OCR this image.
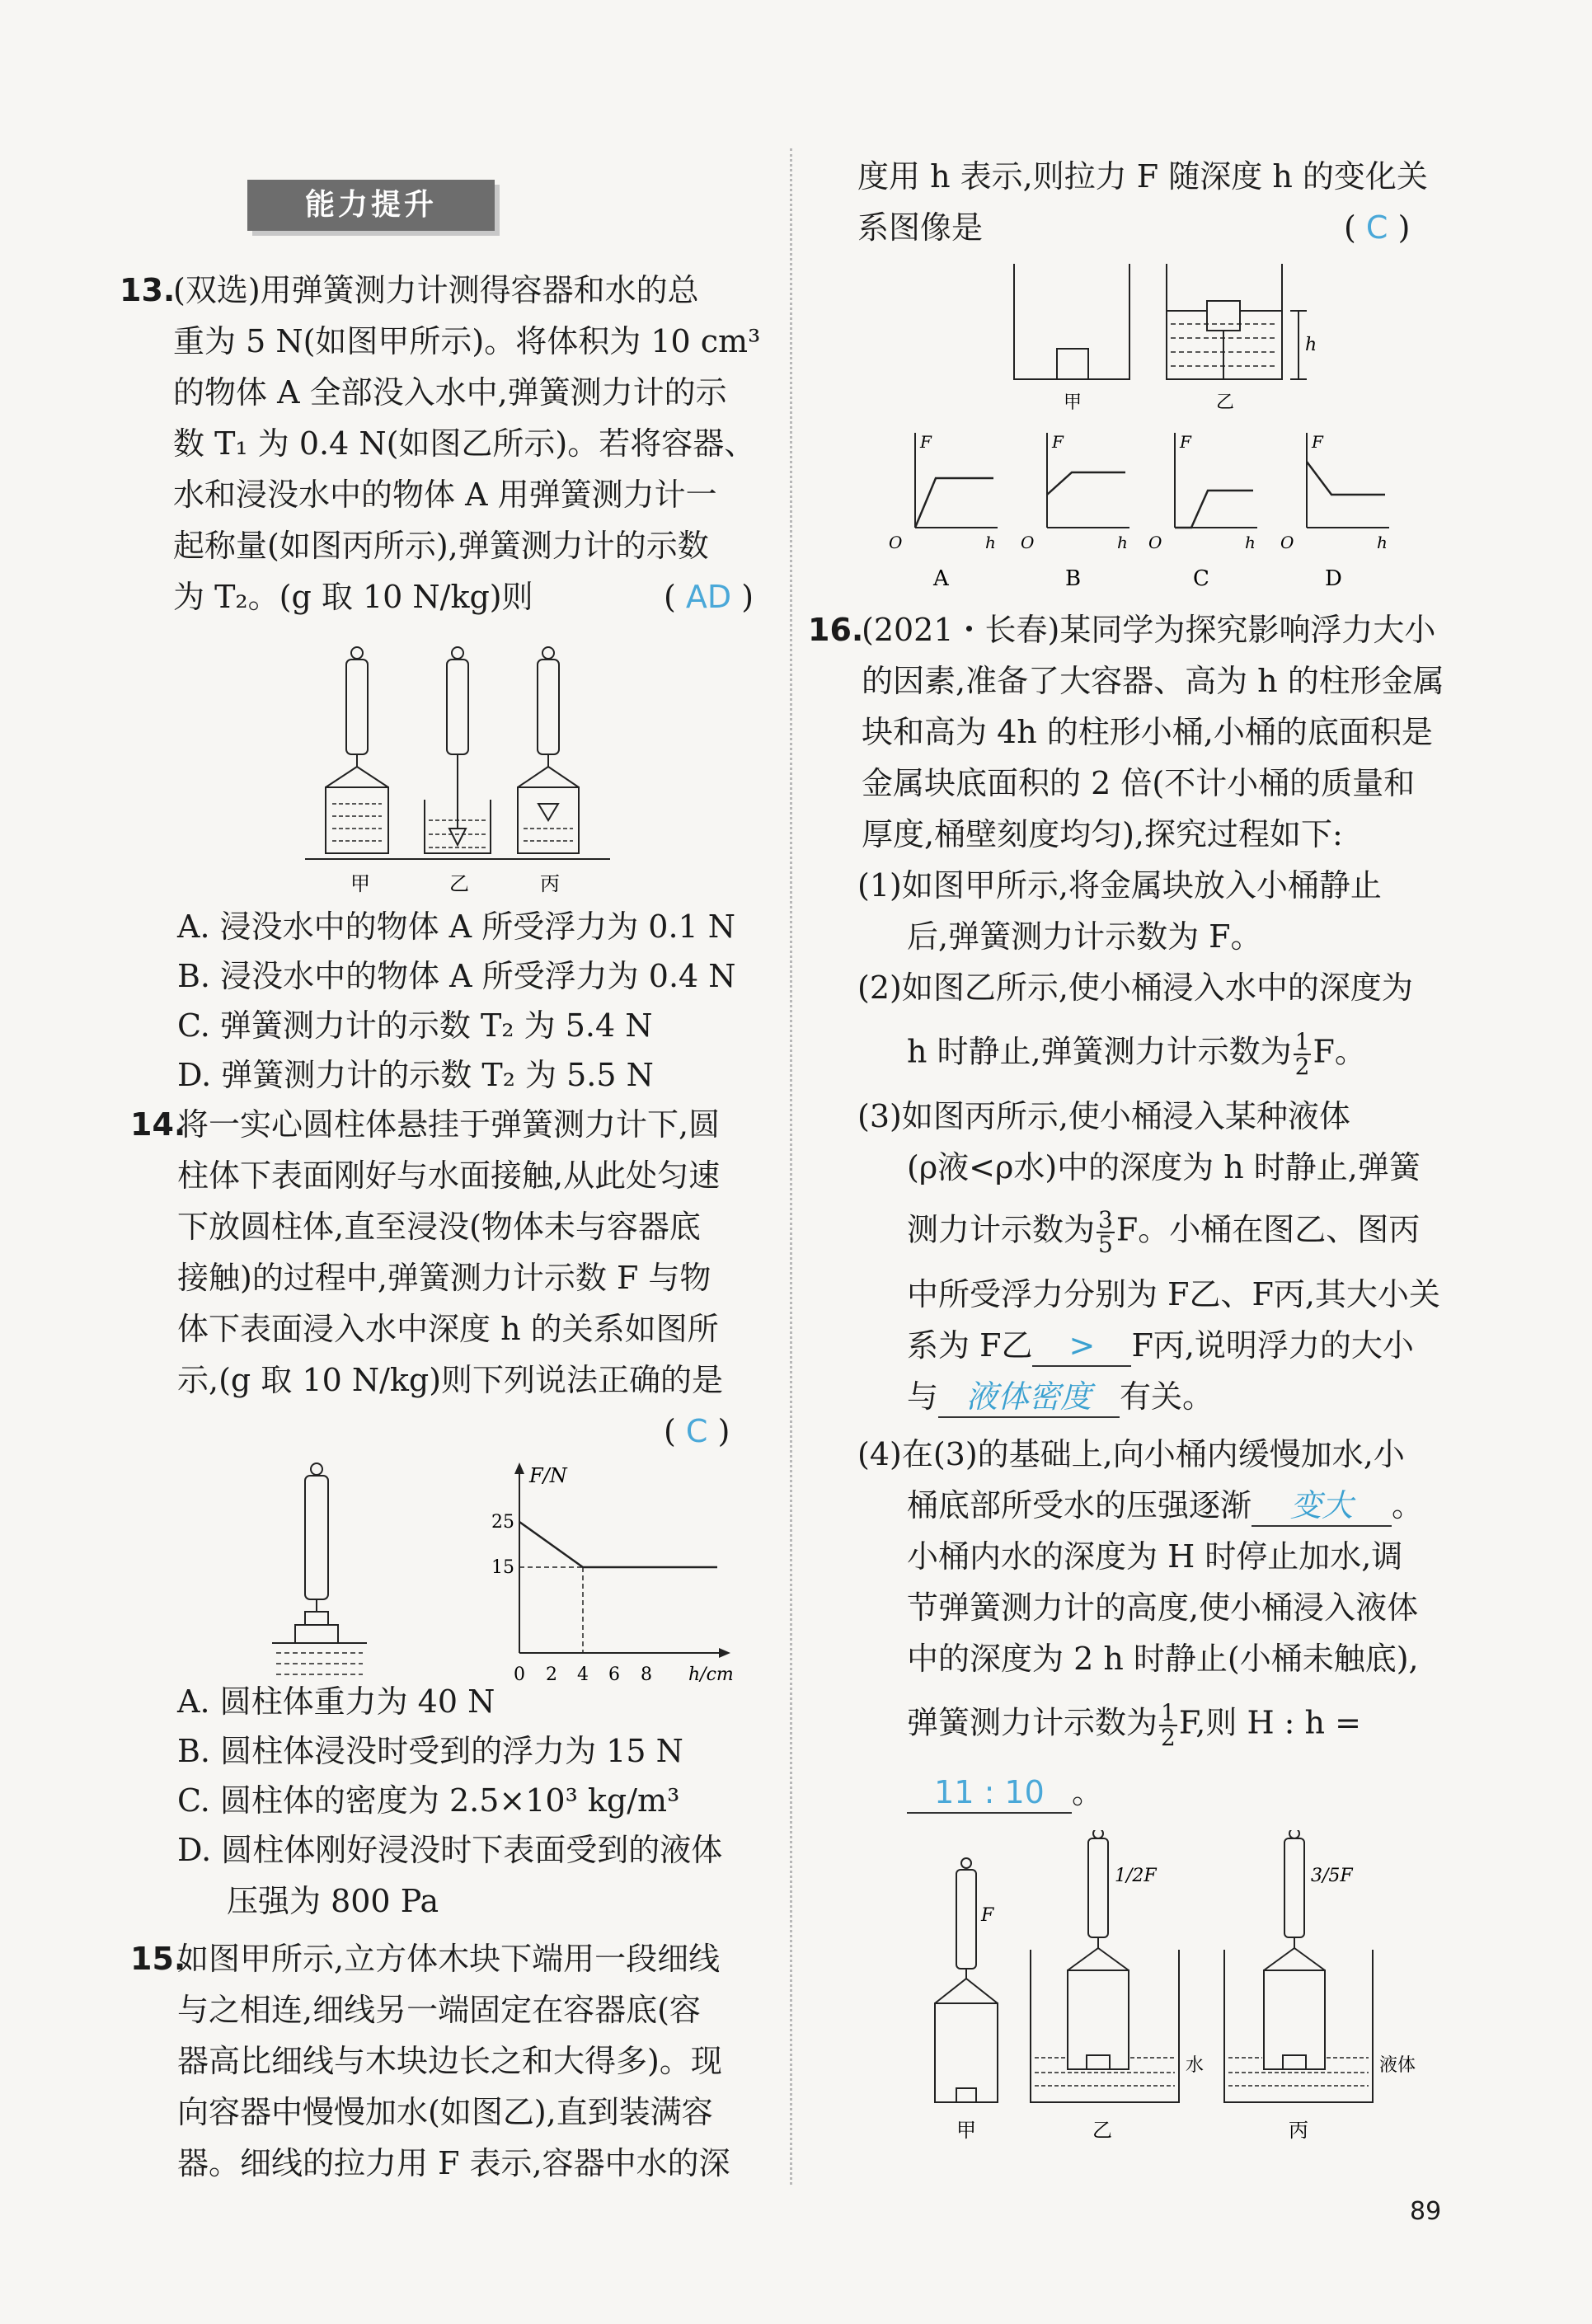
能力提升
13.
(双选)用弹簧测力计测得容器和水的总
重为 5 N(如图甲所示)。将体积为 10 cm³
的物体 A 全部没入水中,弹簧测力计的示
数 T₁ 为 0.4 N(如图乙所示)。若将容器、
水和浸没水中的物体 A 用弹簧测力计一
起称量(如图丙所示),弹簧测力计的示数
为 T₂。(g 取 10 N/kg)则	( AD )
甲	乙	丙
A. 浸没水中的物体 A 所受浮力为 0.1 N
B. 浸没水中的物体 A 所受浮力为 0.4 N
C. 弹簧测力计的示数 T₂ 为 5.4 N
D. 弹簧测力计的示数 T₂ 为 5.5 N
14.
将一实心圆柱体悬挂于弹簧测力计下,圆
柱体下表面刚好与水面接触,从此处匀速
下放圆柱体,直至浸没(物体未与容器底
接触)的过程中,弹簧测力计示数 F 与物
体下表面浸入水中深度 h 的关系如图所
示,(g 取 10 N/kg)则下列说法正确的是
( C )
F/N
h/cm
25
15
0 2 4 6 8
A. 圆柱体重力为 40 N
B. 圆柱体浸没时受到的浮力为 15 N
C. 圆柱体的密度为 2.5×10³ kg/m³
D. 圆柱体刚好浸没时下表面受到的液体
压强为 800 Pa
15.
如图甲所示,立方体木块下端用一段细线
与之相连,细线另一端固定在容器底(容
器高比细线与木块边长之和大得多)。现
向容器中慢慢加水(如图乙),直到装满容
器。细线的拉力用 F 表示,容器中水的深
度用 h 表示,则拉力 F 随深度 h 的变化关
系图像是	( C )
h
甲	乙
F
O	h
A
F
O	h
B
F
O	h
C
F
O	h
D
16.
(2021・长春)某同学为探究影响浮力大小
的因素,准备了大容器、高为 h 的柱形金属
块和高为 4h 的柱形小桶,小桶的底面积是
金属块底面积的 2 倍(不计小桶的质量和
厚度,桶壁刻度均匀),探究过程如下:
(1)如图甲所示,将金属块放入小桶静止
后,弹簧测力计示数为 F。
(2)如图乙所示,使小桶浸入水中的深度为
h 时静止,弹簧测力计示数为 $\frac{1}{2}$ F。
(3)如图丙所示,使小桶浸入某种液体
(ρ液<ρ水)中的深度为 h 时静止,弹簧
测力计示数为 $\frac{3}{5}$ F。小桶在图乙、图丙
中所受浮力分别为 F乙、F丙,其大小关
系为 F乙 > F丙,说明浮力的大小
与 液体密度 有关。
(4)在(3)的基础上,向小桶内缓慢加水,小
桶底部所受水的压强逐渐 变大 。
小桶内水的深度为 H 时停止加水,调
节弹簧测力计的高度,使小桶浸入液体
中的深度为 2 h 时静止(小桶未触底),
弹簧测力计示数为 $\frac{1}{2} F$,则 H : h =
11 : 10 。
F
1/2F	3/5F
水	液体
甲	乙	丙
89
